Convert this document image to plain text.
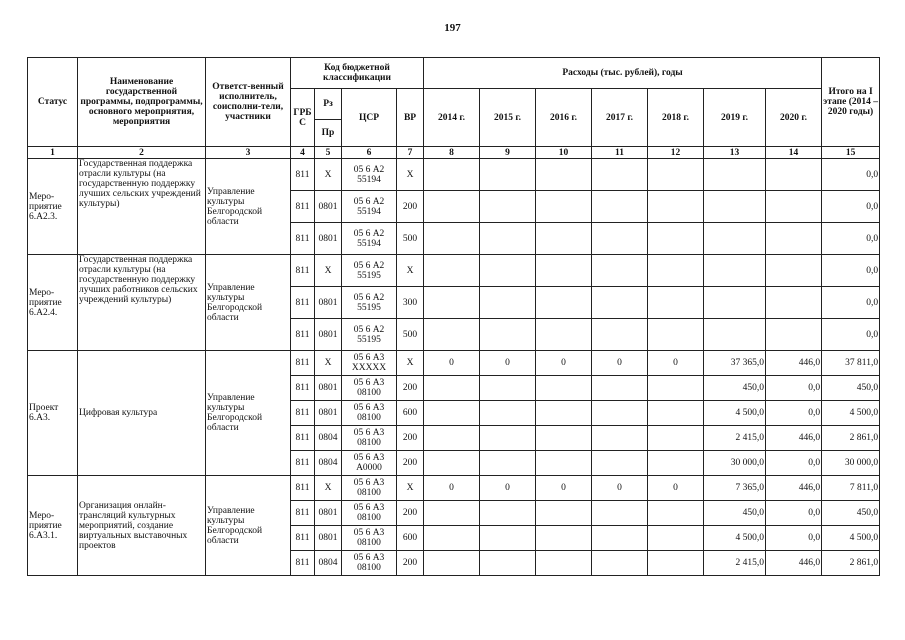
197
Статус	Наименование государственной программы, подпрограммы, основного мероприятия, мероприятия	Ответст-венный исполнитель, соисполни-тели, участники	Код бюджетной классификации				Расходы (тыс. рублей), годы							Итого на I этапе (2014 – 2020 годы)
			ГРБ С	Рз	ЦСР	ВР	2014 г.	2015 г.	2016 г.	2017 г.	2018 г.	2019 г.	2020 г.	
				Пр										
1	2	3	4	5	6	7	8	9	10	11	12	13	14	15
Меро-приятие 6.А2.3.	Государственная поддержка отрасли культуры (на государственную поддержку лучших сельских учреждений культуры)	Управление культуры Белгородской области	811	X	05 6 А2 55194	X								0,0
			811	0801	05 6 А2 55194	200								0,0
			811	0801	05 6 А2 55194	500								0,0
Меро-приятие 6.А2.4.	Государственная поддержка отрасли культуры (на государственную поддержку лучших работников сельских учреждений культуры)	Управление культуры Белгородской области	811	X	05 6 А2 55195	X								0,0
			811	0801	05 6 А2 55195	300								0,0
			811	0801	05 6 А2 55195	500								0,0
Проект 6.А3.	Цифровая культура	Управление культуры Белгородской области	811	X	05 6 А3 XXXXX	X	0	0	0	0	0	37 365,0	446,0	37 811,0
			811	0801	05 6 А3 08100	200						450,0	0,0	450,0
			811	0801	05 6 А3 08100	600						4 500,0	0,0	4 500,0
			811	0804	05 6 А3 08100	200						2 415,0	446,0	2 861,0
			811	0804	05 6 А3 А0000	200						30 000,0	0,0	30 000,0
Меро-приятие 6.А3.1.	Организация онлайн-трансляций культурных мероприятий, создание виртуальных выставочных проектов	Управление культуры Белгородской области	811	X	05 6 А3 08100	X	0	0	0	0	0	7 365,0	446,0	7 811,0
			811	0801	05 6 А3 08100	200						450,0	0,0	450,0
			811	0801	05 6 А3 08100	600						4 500,0	0,0	4 500,0
			811	0804	05 6 А3 08100	200						2 415,0	446,0	2 861,0
